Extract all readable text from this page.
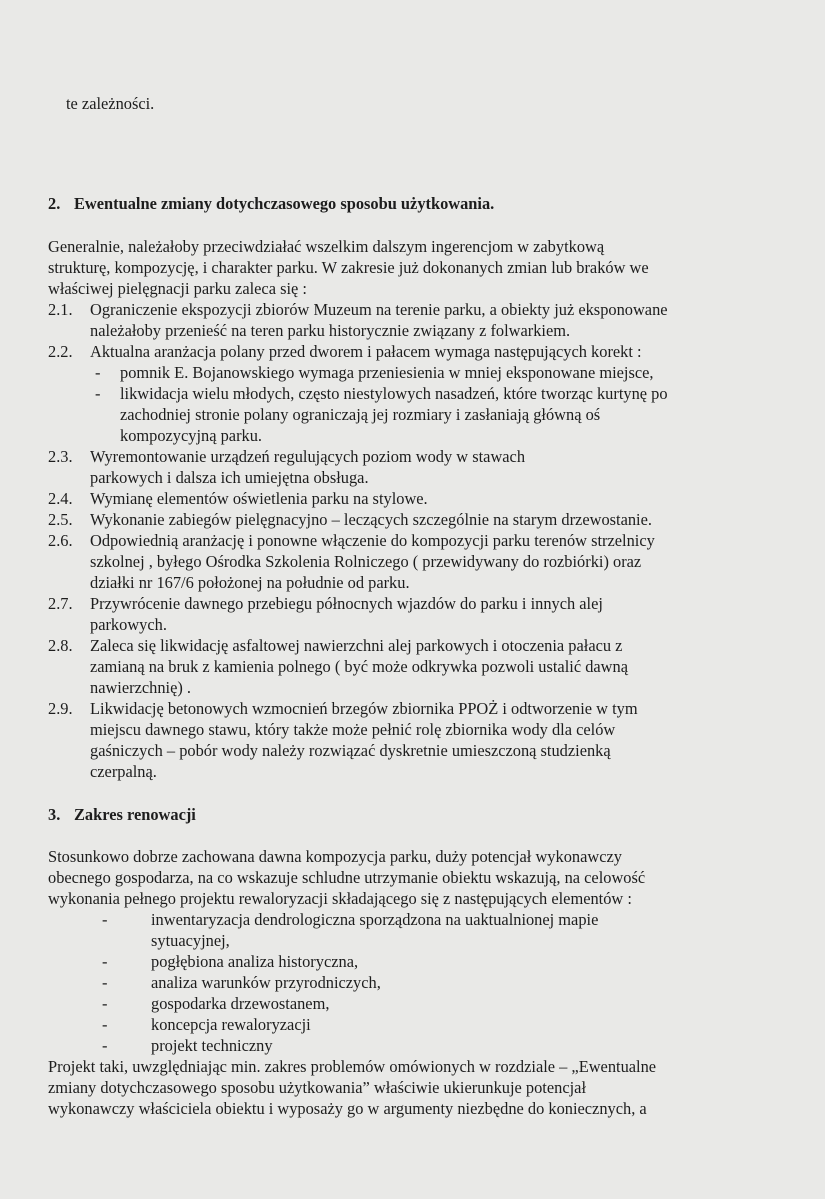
te zależności.
2. Ewentualne zmiany dotychczasowego sposobu użytkowania.
Generalnie, należałoby przeciwdziałać wszelkim dalszym ingerencjom w zabytkową
strukturę, kompozycję, i charakter parku. W zakresie już dokonanych zmian lub braków we
właściwej pielęgnacji parku zaleca się :
2.1. Ograniczenie ekspozycji zbiorów Muzeum na terenie parku, a obiekty już eksponowane
należałoby przenieść na teren parku historycznie związany z folwarkiem.
2.2. Aktualna aranżacja polany przed dworem i pałacem wymaga następujących korekt :
- pomnik E. Bojanowskiego wymaga przeniesienia w mniej eksponowane miejsce,
- likwidacja wielu młodych, często niestylowych nasadzeń, które tworząc kurtynę po
zachodniej stronie polany ograniczają jej rozmiary i zasłaniają główną oś
kompozycyjną parku.
2.3. Wyremontowanie urządzeń regulujących poziom wody w stawach
parkowych i dalsza ich umiejętna obsługa.
2.4. Wymianę elementów oświetlenia parku na stylowe.
2.5. Wykonanie zabiegów pielęgnacyjno – leczących szczególnie na starym drzewostanie.
2.6. Odpowiednią aranżację i ponowne włączenie do kompozycji parku terenów strzelnicy
szkolnej , byłego Ośrodka Szkolenia Rolniczego ( przewidywany do rozbiórki) oraz
działki nr 167/6 położonej na południe od parku.
2.7. Przywrócenie dawnego przebiegu północnych wjazdów do parku i innych alej
parkowych.
2.8. Zaleca się likwidację asfaltowej nawierzchni alej parkowych i otoczenia pałacu z
zamianą na bruk z kamienia polnego ( być może odkrywka pozwoli ustalić dawną
nawierzchnię) .
2.9. Likwidację betonowych wzmocnień brzegów zbiornika PPOŻ i odtworzenie w tym
miejscu dawnego stawu, który także może pełnić rolę zbiornika wody dla celów
gaśniczych – pobór wody należy rozwiązać dyskretnie umieszczoną studzienką
czerpalną.
3. Zakres renowacji
Stosunkowo dobrze zachowana dawna kompozycja parku, duży potencjał wykonawczy
obecnego gospodarza, na co wskazuje schludne utrzymanie obiektu wskazują, na celowość
wykonania pełnego projektu rewaloryzacji składającego się z następujących elementów :
-	inwentaryzacja dendrologiczna sporządzona na uaktualnionej mapie
sytuacyjnej,
-	pogłębiona analiza historyczna,
-	analiza warunków przyrodniczych,
-	gospodarka drzewostanem,
-	koncepcja rewaloryzacji
-	projekt techniczny
Projekt taki, uwzględniając min. zakres problemów omówionych w rozdziale – „Ewentualne
zmiany dotychczasowego sposobu użytkowania” właściwie ukierunkuje potencjał
wykonawczy właściciela obiektu i wyposaży go w argumenty niezbędne do koniecznych, a
